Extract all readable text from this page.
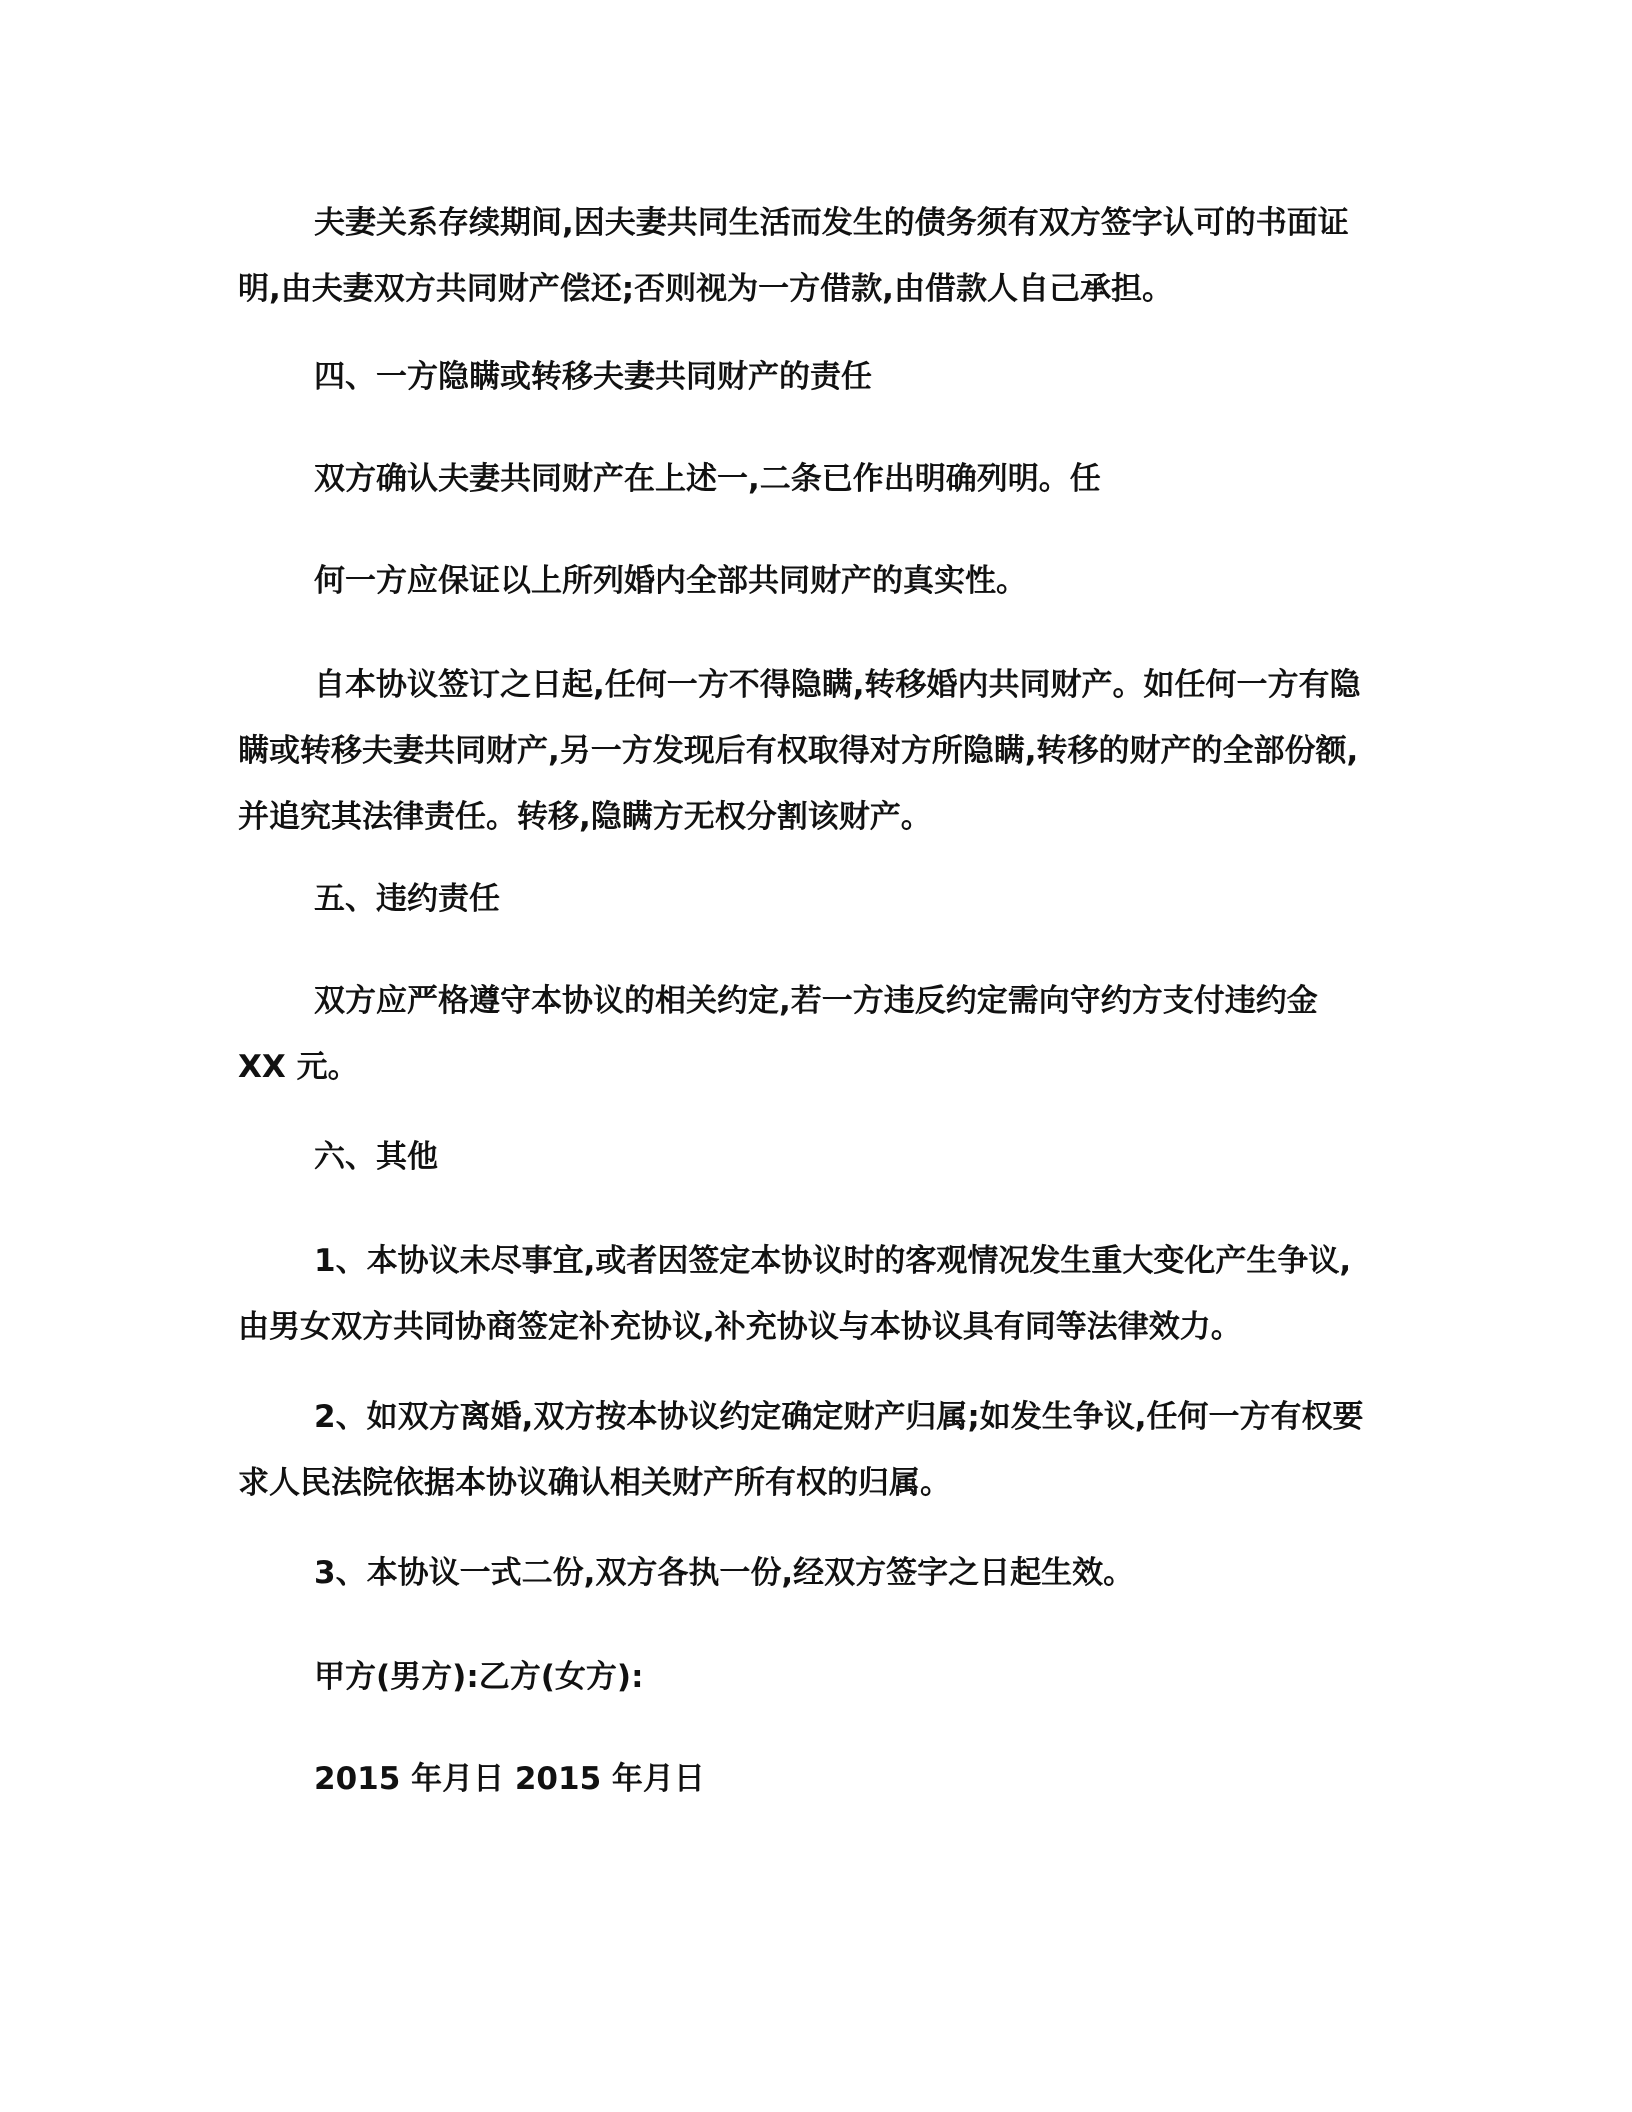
夫妻关系存续期间,因夫妻共同生活而发生的债务须有双方签字认可的书面证
明,由夫妻双方共同财产偿还;否则视为一方借款,由借款人自己承担。

四、一方隐瞒或转移夫妻共同财产的责任

双方确认夫妻共同财产在上述一,二条已作出明确列明。任

何一方应保证以上所列婚内全部共同财产的真实性。

自本协议签订之日起,任何一方不得隐瞒,转移婚内共同财产。如任何一方有隐
瞒或转移夫妻共同财产,另一方发现后有权取得对方所隐瞒,转移的财产的全部份额,
并追究其法律责任。转移,隐瞒方无权分割该财产。

五、违约责任

双方应严格遵守本协议的相关约定,若一方违反约定需向守约方支付违约金
XX 元。

六、其他

1、本协议未尽事宜,或者因签定本协议时的客观情况发生重大变化产生争议,
由男女双方共同协商签定补充协议,补充协议与本协议具有同等法律效力。

2、如双方离婚,双方按本协议约定确定财产归属;如发生争议,任何一方有权要
求人民法院依据本协议确认相关财产所有权的归属。

3、本协议一式二份,双方各执一份,经双方签字之日起生效。

甲方(男方):乙方(女方):

2015 年月日 2015 年月日
